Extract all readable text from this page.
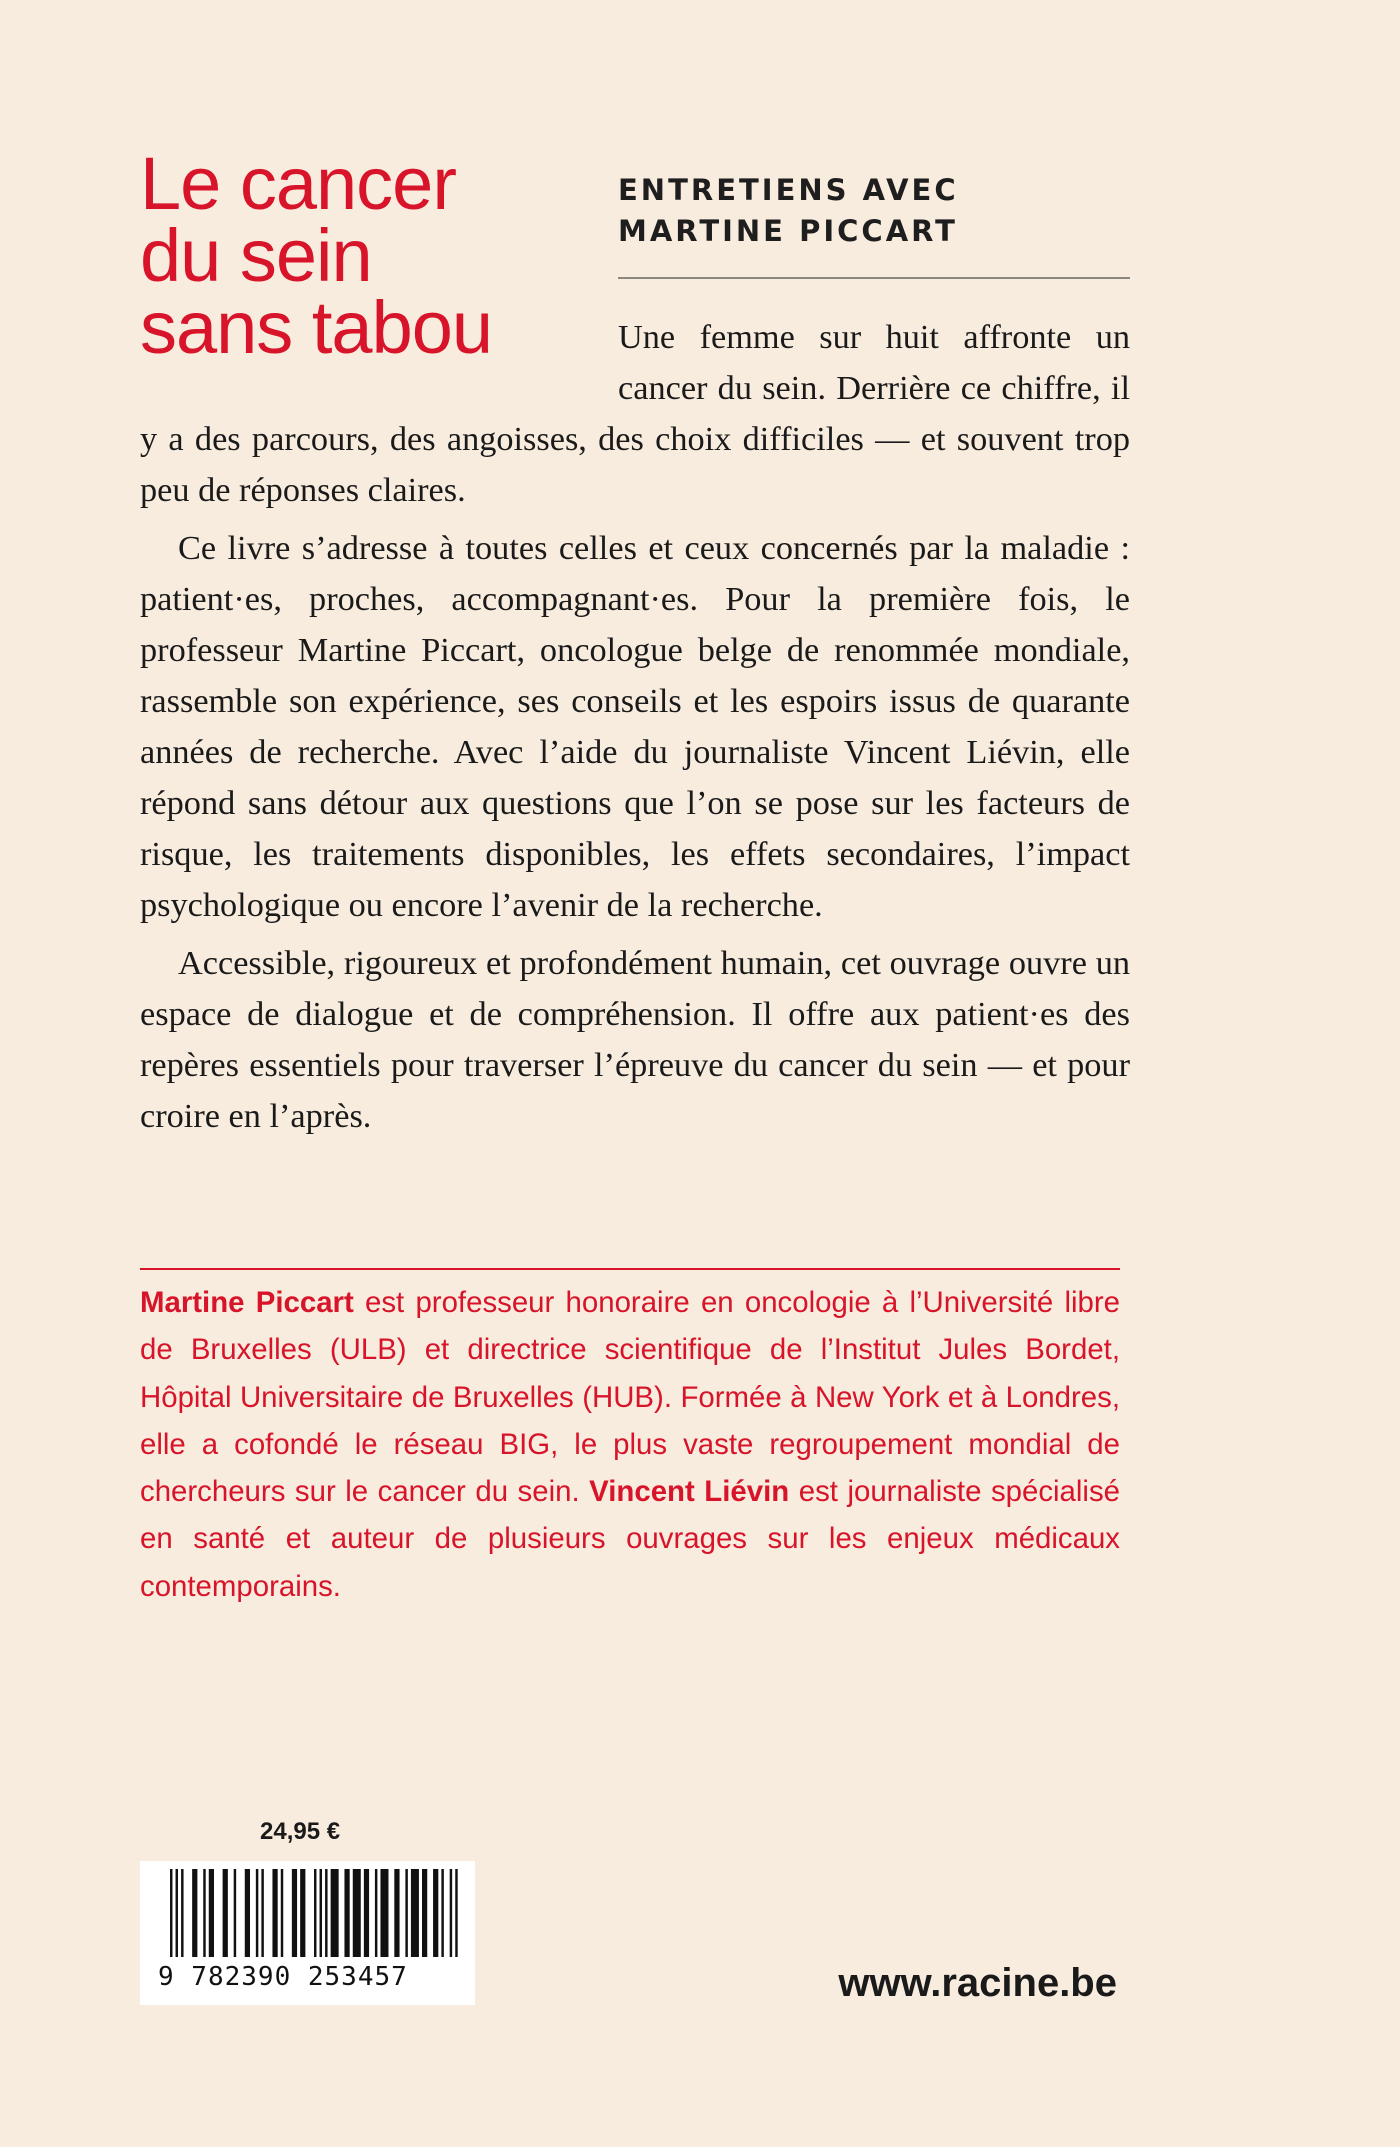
Le cancer
du sein
sans tabou
ENTRETIENS AVEC
MARTINE PICCART

Une femme sur huit affronte un cancer du sein. Derrière ce chiffre, il y a des parcours, des angoisses, des choix difficiles — et souvent trop peu de réponses claires.

Ce livre s’adresse à toutes celles et ceux concernés par la maladie : patient·es, proches, accompagnant·es. Pour la première fois, le professeur Martine Piccart, oncologue belge de renommée mondiale, rassemble son expérience, ses conseils et les espoirs issus de quarante années de recherche. Avec l’aide du journaliste Vincent Liévin, elle répond sans détour aux questions que l’on se pose sur les facteurs de risque, les traitements disponibles, les effets secondaires, l’impact psychologique ou encore l’avenir de la recherche.

Accessible, rigoureux et profondément humain, cet ouvrage ouvre un espace de dialogue et de compréhension. Il offre aux patient·es des repères essentiels pour traverser l’épreuve du cancer du sein — et pour croire en l’après.

Martine Piccart est professeur honoraire en oncologie à l’Université libre de Bruxelles (ULB) et directrice scientifique de l’Institut Jules Bordet, Hôpital Universitaire de Bruxelles (HUB). Formée à New York et à Londres, elle a cofondé le réseau BIG, le plus vaste regroupement mondial de chercheurs sur le cancer du sein. Vincent Liévin est journaliste spécialisé en santé et auteur de plusieurs ouvrages sur les enjeux médicaux contemporains.

24,95 €

9 782390 253457	www.racine.be
